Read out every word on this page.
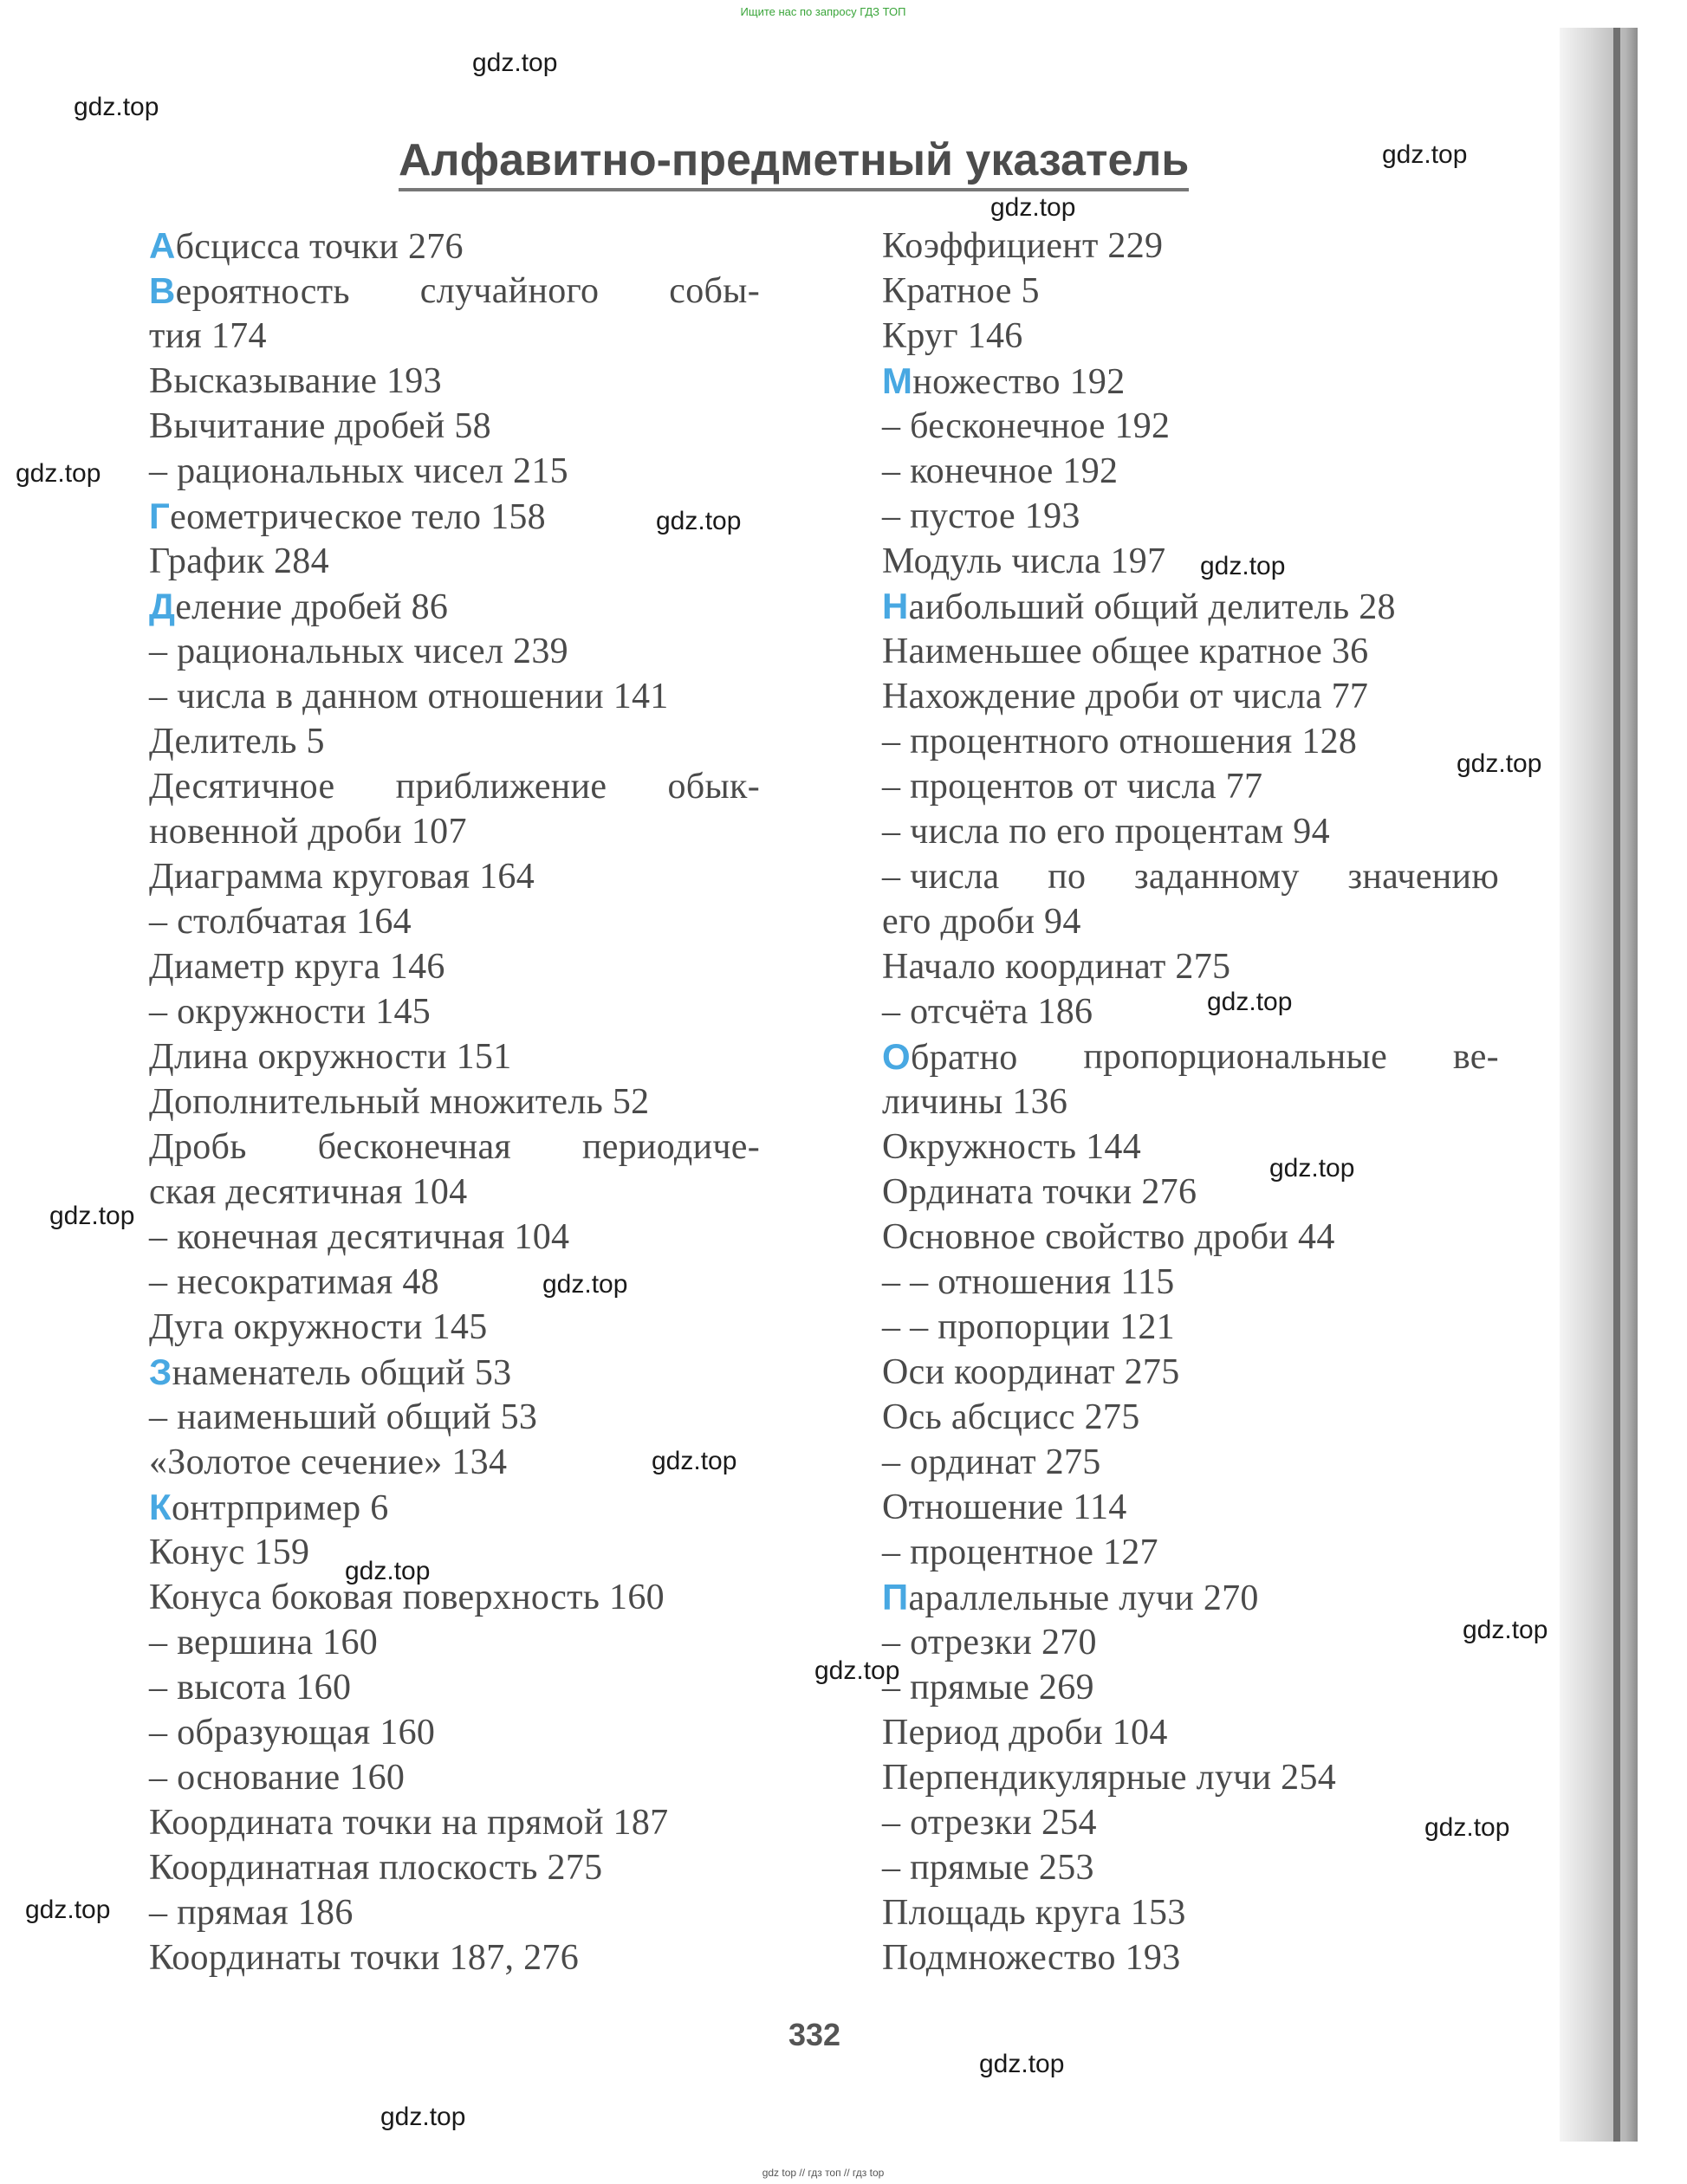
Ищите нас по запросу ГДЗ ТОП
Алфавитно-предметный указатель
Абсцисса точки 276
Вероятность случайного собы-
тия 174
Высказывание 193
Вычитание дробей 58
– рациональных чисел 215
Геометрическое тело 158
График 284
Деление дробей 86
– рациональных чисел 239
– числа в данном отношении 141
Делитель 5
Десятичное приближение обык-
новенной дроби 107
Диаграмма круговая 164
– столбчатая 164
Диаметр круга 146
– окружности 145
Длина окружности 151
Дополнительный множитель 52
Дробь бесконечная периодиче-
ская десятичная 104
– конечная десятичная 104
– несократимая 48
Дуга окружности 145
Знаменатель общий 53
– наименьший общий 53
«Золотое сечение» 134
Контрпример 6
Конус 159
Конуса боковая поверхность 160
– вершина 160
– высота 160
– образующая 160
– основание 160
Координата точки на прямой 187
Координатная плоскость 275
– прямая 186
Координаты точки 187, 276
Коэффициент 229
Кратное 5
Круг 146
Множество 192
– бесконечное 192
– конечное 192
– пустое 193
Модуль числа 197
Наибольший общий делитель 28
Наименьшее общее кратное 36
Нахождение дроби от числа 77
– процентного отношения 128
– процентов от числа 77
– числа по его процентам 94
– числа по заданному значению
его дроби 94
Начало координат 275
– отсчёта 186
Обратно пропорциональные ве-
личины 136
Окружность 144
Ордината точки 276
Основное свойство дроби 44
– – отношения 115
– – пропорции 121
Оси координат 275
Ось абсцисс 275
– ординат 275
Отношение 114
– процентное 127
Параллельные лучи 270
– отрезки 270
– прямые 269
Период дроби 104
Перпендикулярные лучи 254
– отрезки 254
– прямые 253
Площадь круга 153
Подмножество 193
332
gdz top // гдз топ // гдз top
gdz.top
gdz.top
gdz.top
gdz.top
gdz.top
gdz.top
gdz.top
gdz.top
gdz.top
gdz.top
gdz.top
gdz.top
gdz.top
gdz.top
gdz.top
gdz.top
gdz.top
gdz.top
gdz.top
gdz.top
